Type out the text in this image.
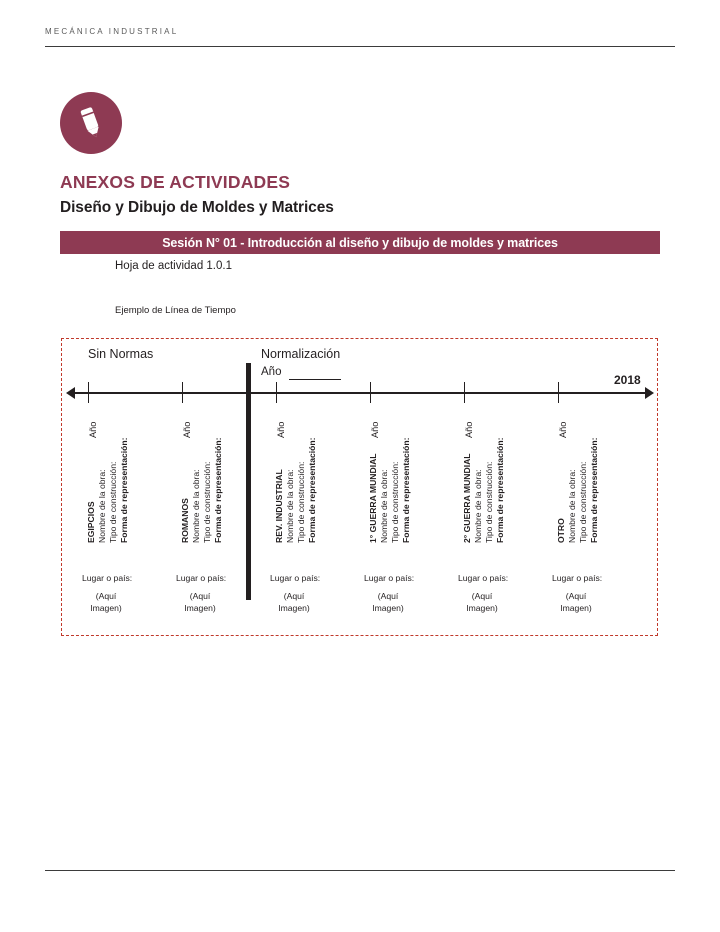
MECÁNICA INDUSTRIAL
ANEXOS DE ACTIVIDADES
Diseño y Dibujo de Moldes y Matrices
Sesión N° 01 - Introducción al diseño y dibujo de moldes y matrices
Hoja de actividad 1.0.1
Ejemplo de Línea de Tiempo
Sin Normas	Normalización
Año
2018
Año
EGIPCIOS Nombre de la obra: Tipo de construcción: Forma de representación:
Lugar o país:
(Aquí
Imagen)
Año
ROMANOS Nombre de la obra: Tipo de construcción: Forma de representación:
Lugar o país:
(Aquí
Imagen)
Año
REV. INDUSTRIAL Nombre de la obra: Tipo de construcción: Forma de representación:
Lugar o país:
(Aquí
Imagen)
Año
1° GUERRA MUNDIAL Nombre de la obra: Tipo de construcción: Forma de representación:
Lugar o país:
(Aquí
Imagen)
Año
2° GUERRA MUNDIAL Nombre de la obra: Tipo de construcción: Forma de representación:
Lugar o país:
(Aquí
Imagen)
Año
OTRO Nombre de la obra: Tipo de construcción: Forma de representación:
Lugar o país:
(Aquí
Imagen)
